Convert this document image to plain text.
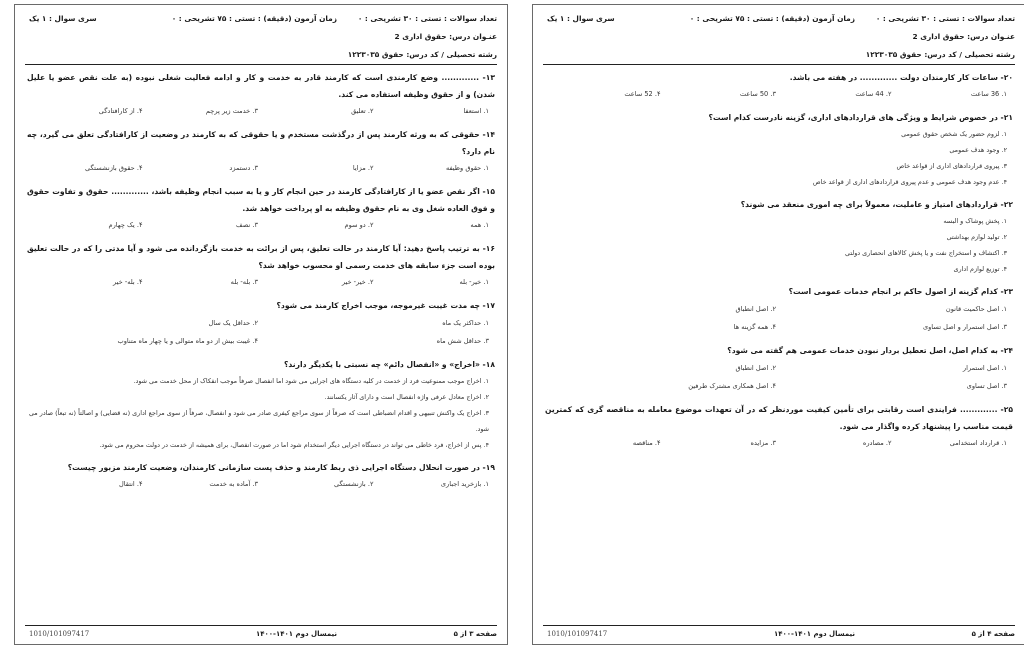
تعداد سوالات : تستی : ۳۰ تشریحی : ۰
زمان آزمون (دقیقه) : تستی : ۷۵ تشریحی : ۰
سری سوال : ۱ یک
عنـوان درس: حقوق اداری 2
رشته تحصیلی / کد درس: حقوق ۱۲۲۳۰۳۵
۱۳- ............. وضع کارمندی است که کارمند قادر به خدمت و کار و ادامه فعالیت شغلی نبوده (به علت نقص عضو یا علیل شدن) و از حقوق وظیفه استفاده می کند.
۱. استعفا
۲. تعلیق
۳. خدمت زیر پرچم
۴. از کارافتادگی
۱۴- حقوقی که به ورثه کارمند پس از درگذشت مستخدم و یا حقوقی که به کارمند در وضعیت از کارافتادگی تعلق می گیرد، چه نام دارد؟
۱. حقوق وظیفه
۲. مزایا
۳. دستمزد
۴. حقوق بازنشستگی
۱۵- اگر نقص عضو یا از کارافتادگی کارمند در حین انجام کار و یا به سبب انجام وظیفه باشد، ............. حقوق و تفاوت حقوق و فوق العاده شغل وی به نام حقوق وظیفه به او پرداخت خواهد شد.
۱. همه
۲. دو سوم
۳. نصف
۴. یک چهارم
۱۶- به ترتیب پاسخ دهید: آیا کارمند در حالت تعلیق، پس از برائت به خدمت بازگردانده می شود و آیا مدتی را که در حالت تعلیق بوده است جزء سابقه های خدمت رسمی او محسوب خواهد شد؟
۱. خیر- بله
۲. خیر- خیر
۳. بله- بله
۴. بله- خیر
۱۷- چه مدت غیبت غیرموجه، موجب اخراج کارمند می شود؟
۱. حداکثر یک ماه
۲. حداقل یک سال
۳. حداقل شش ماه
۴. غیبت بیش از دو ماه متوالی و یا چهار ماه متناوب
۱۸- «اخراج» و «انفصال دائم» چه نسبتی با یکدیگر دارند؟
۱. اخراج موجب ممنوعیت فرد از خدمت در کلیه دستگاه های اجرایی می شود اما انفصال صرفاً موجب انفکاک از محل خدمت می شود.
۲. اخراج معادل عرفی واژه انفصال است و دارای آثار یکسانند.
۳. اخراج یک واکنش تنبیهی و اقدام انضباطی است که صرفاً از سوی مراجع کیفری صادر می شود و انفصال، صرفاً از سوی مراجع اداری (نه قضایی) و اصالتاً (نه تبعاً) صادر می شود.
۴. پس از اخراج، فرد خاطی می تواند در دستگاه اجرایی دیگر استخدام شود اما در صورت انفصال، برای همیشه از خدمت در دولت محروم می شود.
۱۹- در صورت انحلال دستگاه اجرایی ذی ربط کارمند و حذف پست سازمانی کارمندان، وضعیت کارمند مزبور چیست؟
۱. بازخرید اجباری
۲. بازنشستگی
۳. آماده به خدمت
۴. انتقال
صفحه ۳ از ۵
نیمسال دوم ۱۴۰۱-۱۴۰۰
1010/101097417
تعداد سوالات : تستی : ۳۰ تشریحی : ۰
زمان آزمون (دقیقه) : تستی : ۷۵ تشریحی : ۰
سری سوال : ۱ یک
عنـوان درس: حقوق اداری 2
رشته تحصیلی / کد درس: حقوق ۱۲۲۳۰۳۵
۲۰- ساعات کار کارمندان دولت ............. در هفته می باشد.
۱. 36 ساعت
۲. 44 ساعت
۳. 50 ساعت
۴. 52 ساعت
۲۱- در خصوص شرایط و ویژگی های قراردادهای اداری، گزینه نادرست کدام است؟
۱. لزوم حضور یک شخص حقوق عمومی
۲. وجود هدف عمومی
۳. پیروی قراردادهای اداری از قواعد خاص
۴. عدم وجود هدف عمومی و عدم پیروی قراردادهای اداری از قواعد خاص
۲۲- قراردادهای امتیاز و عاملیت، معمولاً برای چه اموری منعقد می شوند؟
۱. پخش پوشاک و البسه
۲. تولید لوازم بهداشتی
۳. اکتشاف و استخراج نفت و یا پخش کالاهای انحصاری دولتی
۴. توزیع لوازم اداری
۲۳- کدام گزینه از اصول حاکم بر انجام خدمات عمومی است؟
۱. اصل حاکمیت قانون
۲. اصل انطباق
۳. اصل استمرار و اصل تساوی
۴. همه گزینه ها
۲۴- به کدام اصل، اصل تعطیل بردار نبودن خدمات عمومی هم گفته می شود؟
۱. اصل استمرار
۲. اصل انطباق
۳. اصل تساوی
۴. اصل همکاری مشترک طرفین
۲۵- ............. فرایندی است رقابتی برای تأمین کیفیت موردنظر که در آن تعهدات موضوع معامله به مناقصه گری که کمترین قیمت مناسب را پیشنهاد کرده واگذار می شود.
۱. قرارداد استخدامی
۲. مصادره
۳. مزایده
۴. مناقصه
صفحه ۴ از ۵
نیمسال دوم ۱۴۰۱-۱۴۰۰
1010/101097417
